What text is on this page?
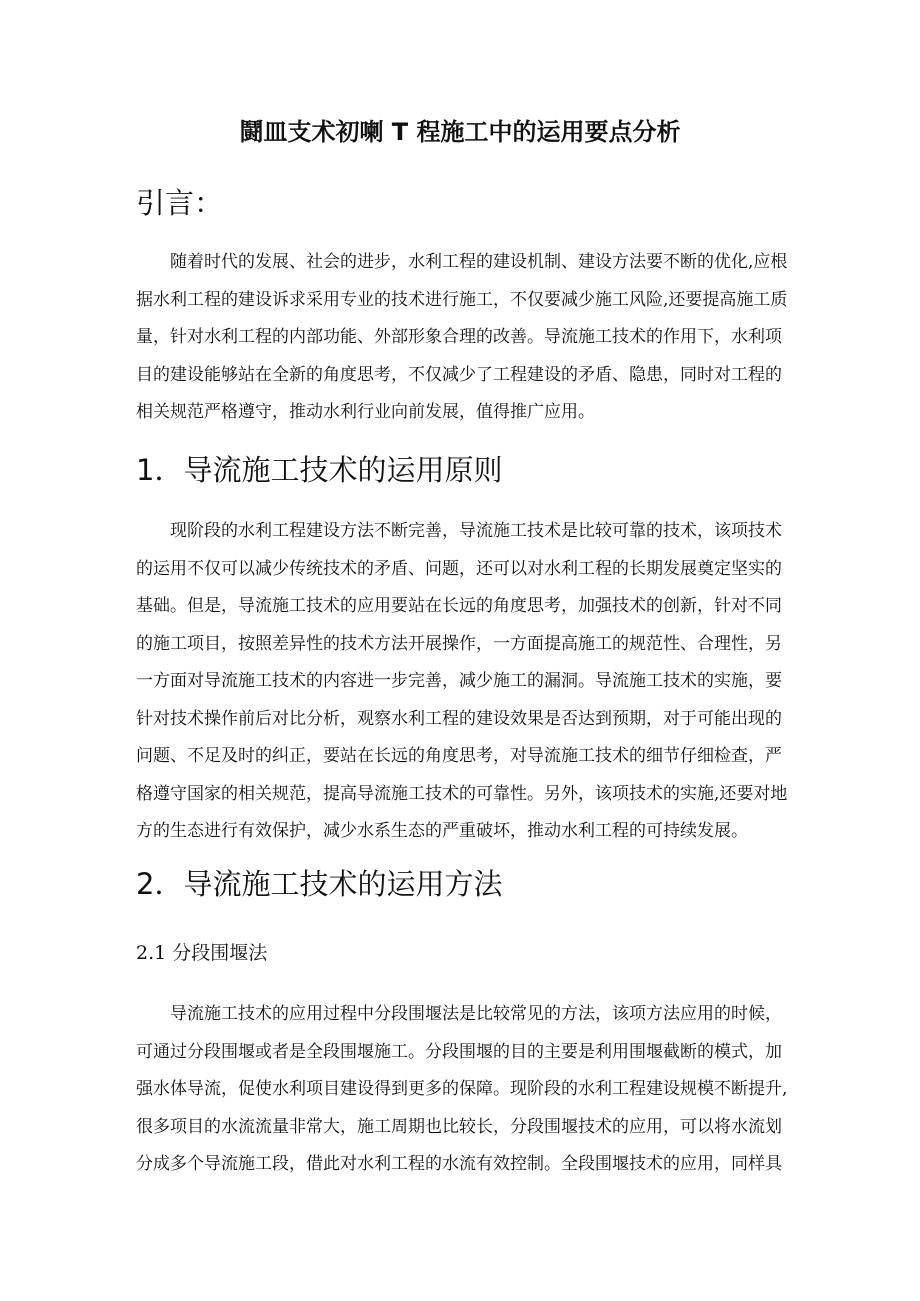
鬪皿支术初喇 T 程施工中的运用要点分析
引言：
随着时代的发展、社会的进步，水利工程的建设机制、建设方法要不断的优化,应根
据水利工程的建设诉求采用专业的技术进行施工，不仅要减少施工风险,还要提高施工质
量，针对水利工程的内部功能、外部形象合理的改善。导流施工技术的作用下，水利项
目的建设能够站在全新的角度思考，不仅减少了工程建设的矛盾、隐患，同时对工程的
相关规范严格遵守，推动水利行业向前发展，值得推广应用。
1．导流施工技术的运用原则
现阶段的水利工程建设方法不断完善，导流施工技术是比较可靠的技术，该项技术
的运用不仅可以减少传统技术的矛盾、问题，还可以对水利工程的长期发展奠定坚实的
基础。但是，导流施工技术的应用要站在长远的角度思考，加强技术的创新，针对不同
的施工项目，按照差异性的技术方法开展操作，一方面提高施工的规范性、合理性，另
一方面对导流施工技术的内容进一步完善，减少施工的漏洞。导流施工技术的实施，要
针对技术操作前后对比分析，观察水利工程的建设效果是否达到预期，对于可能出现的
问题、不足及时的纠正，要站在长远的角度思考，对导流施工技术的细节仔细检查，严
格遵守国家的相关规范，提高导流施工技术的可靠性。另外，该项技术的实施,还要对地
方的生态进行有效保护，减少水系生态的严重破坏，推动水利工程的可持续发展。
2．导流施工技术的运用方法
2.1 分段围堰法
导流施工技术的应用过程中分段围堰法是比较常见的方法，该项方法应用的时候，
可通过分段围堰或者是全段围堰施工。分段围堰的目的主要是利用围堰截断的模式，加
强水体导流，促使水利项目建设得到更多的保障。现阶段的水利工程建设规模不断提升,
很多项目的水流流量非常大，施工周期也比较长，分段围堰技术的应用，可以将水流划
分成多个导流施工段，借此对水利工程的水流有效控制。全段围堰技术的应用，同样具
